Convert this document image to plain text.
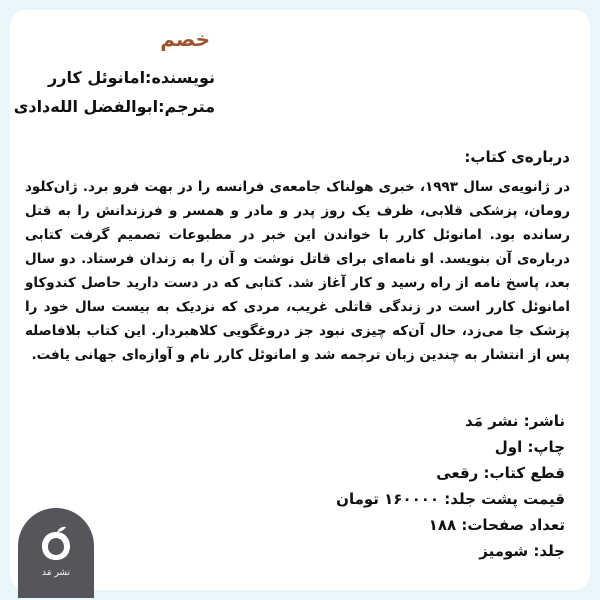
خصم
نویسنده:امانوئل کارر
مترجم:ابوالفضل الله‌دادی
درباره‌ی کتاب:
در ژانویه‌ی سال ۱۹۹۳، خبری هولناک جامعه‌ی فرانسه را در بهت فرو برد. ژان‌کلود رومان، پزشکی قلابی، ظرف یک روز پدر و مادر و همسر و فرزندانش را به قتل رسانده بود. امانوئل کارر با خواندن این خبر در مطبوعات تصمیم گرفت کتابی درباره‌ی آن بنویسد. او نامه‌ای برای قاتل نوشت و آن را به زندان فرستاد. دو سال بعد، پاسخ نامه از راه رسید و کار آغاز شد. کتابی که در دست دارید حاصل کندوکاو امانوئل کارر است در زندگی قاتلی غریب، مردی که نزدیک به بیست سال خود را پزشک جا می‌زد، حال آن‌که چیزی نبود جز دروغگویی کلاهبردار. این کتاب بلافاصله پس از انتشار به چندین زبان ترجمه شد و امانوئل کارر نام و آوازه‌ای جهانی یافت.
ناشر: نشر مَد
چاپ: اول
قطع کتاب: رقعی
قیمت پشت جلد: ۱۶۰۰۰۰ تومان
تعداد صفحات: ۱۸۸
جلد: شومیز
نشر مَد
